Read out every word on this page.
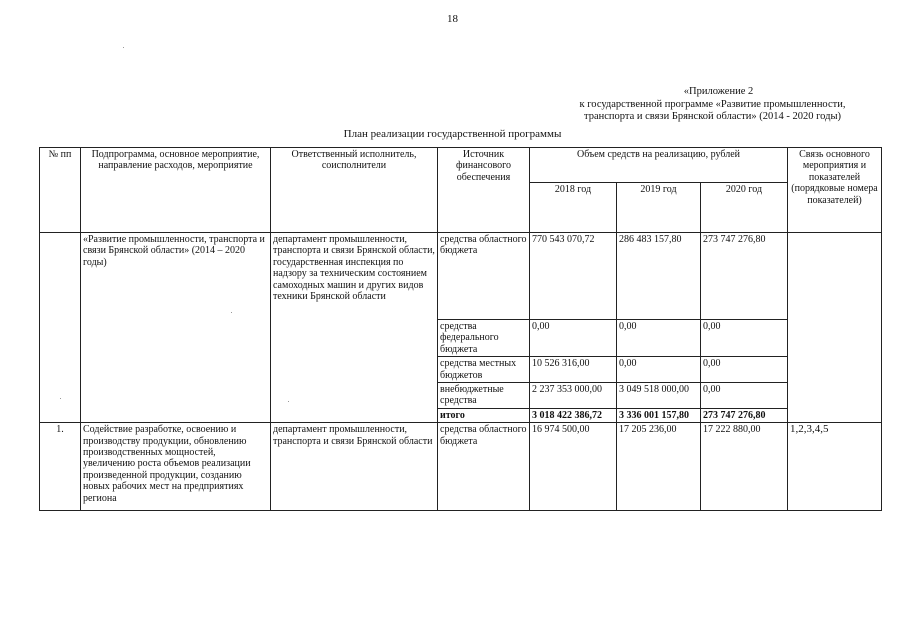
18
«Приложение 2
к государственной программе «Развитие промышленности,
транспорта и связи Брянской области» (2014 - 2020 годы)
План реализации государственной программы
№ пп	Подпрограмма, основное мероприятие, направление расходов, мероприятие	Ответственный исполнитель, соисполнители	Источник финансового обеспечения	Объем средств на реализацию, рублей			Связь основного мероприятия и показателей (порядковые номера показателей)
				2018 год	2019 год	2020 год	
	«Развитие промышленности, транспорта и связи Брянской области» (2014 – 2020 годы)	департамент промышленности, транспорта и связи Брянской области, государственная инспекция по надзору за техническим состоянием самоходных машин и других видов техники Брянской области	средства областного бюджета	770 543 070,72	286 483 157,80	273 747 276,80	
			средства федерального бюджета	0,00	0,00	0,00	
			средства местных бюджетов	10 526 316,00	0,00	0,00	
			внебюджетные средства	2 237 353 000,00	3 049 518 000,00	0,00	
			итого	3 018 422 386,72	3 336 001 157,80	273 747 276,80	
1.	Содействие разработке, освоению и производству продукции, обновлению производственных мощностей, увеличению роста объемов реализации произведенной продукции, созданию новых рабочих мест на предприятиях региона	департамент промышленности, транспорта и связи Брянской области	средства областного бюджета	16 974 500,00	17 205 236,00	17 222 880,00	1,2,3,4,5
